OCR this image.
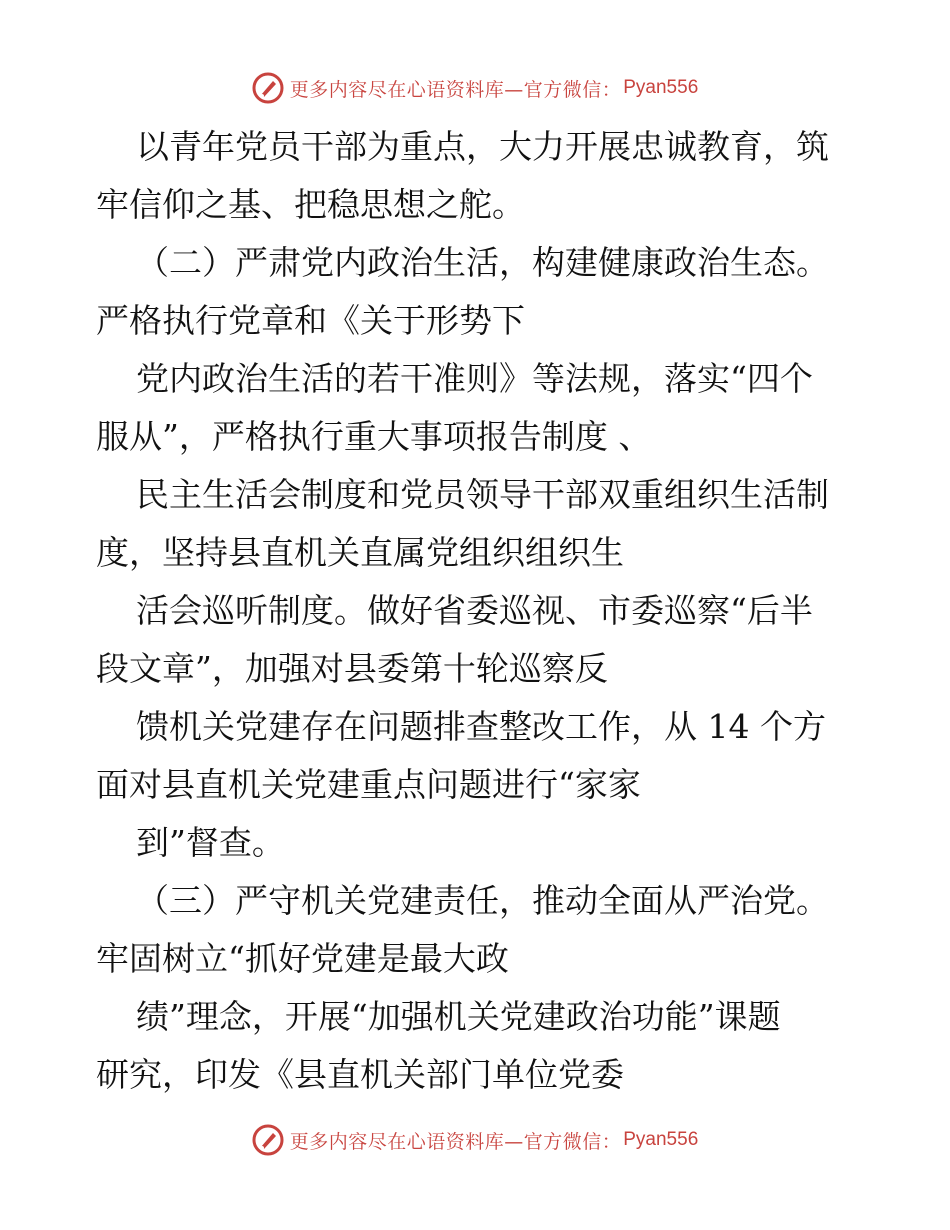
更多内容尽在心语资料库—官方微信： Pyan556

以青年党员干部为重点，大力开展忠诚教育，筑
牢信仰之基、把稳思想之舵。

（二）严肃党内政治生活，构建健康政治生态。
严格执行党章和《关于形势下

党内政治生活的若干准则》等法规，落实“四个
服从”，严格执行重大事项报告制度 、

民主生活会制度和党员领导干部双重组织生活制
度，坚持县直机关直属党组织组织生

活会巡听制度。做好省委巡视、市委巡察“后半
段文章”，加强对县委第十轮巡察反

馈机关党建存在问题排查整改工作，从 14 个方
面对县直机关党建重点问题进行“家家

到”督查。

（三）严守机关党建责任，推动全面从严治党。
牢固树立“抓好党建是最大政

绩”理念，开展“加强机关党建政治功能”课题
研究，印发《县直机关部门单位党委

更多内容尽在心语资料库—官方微信： Pyan556
